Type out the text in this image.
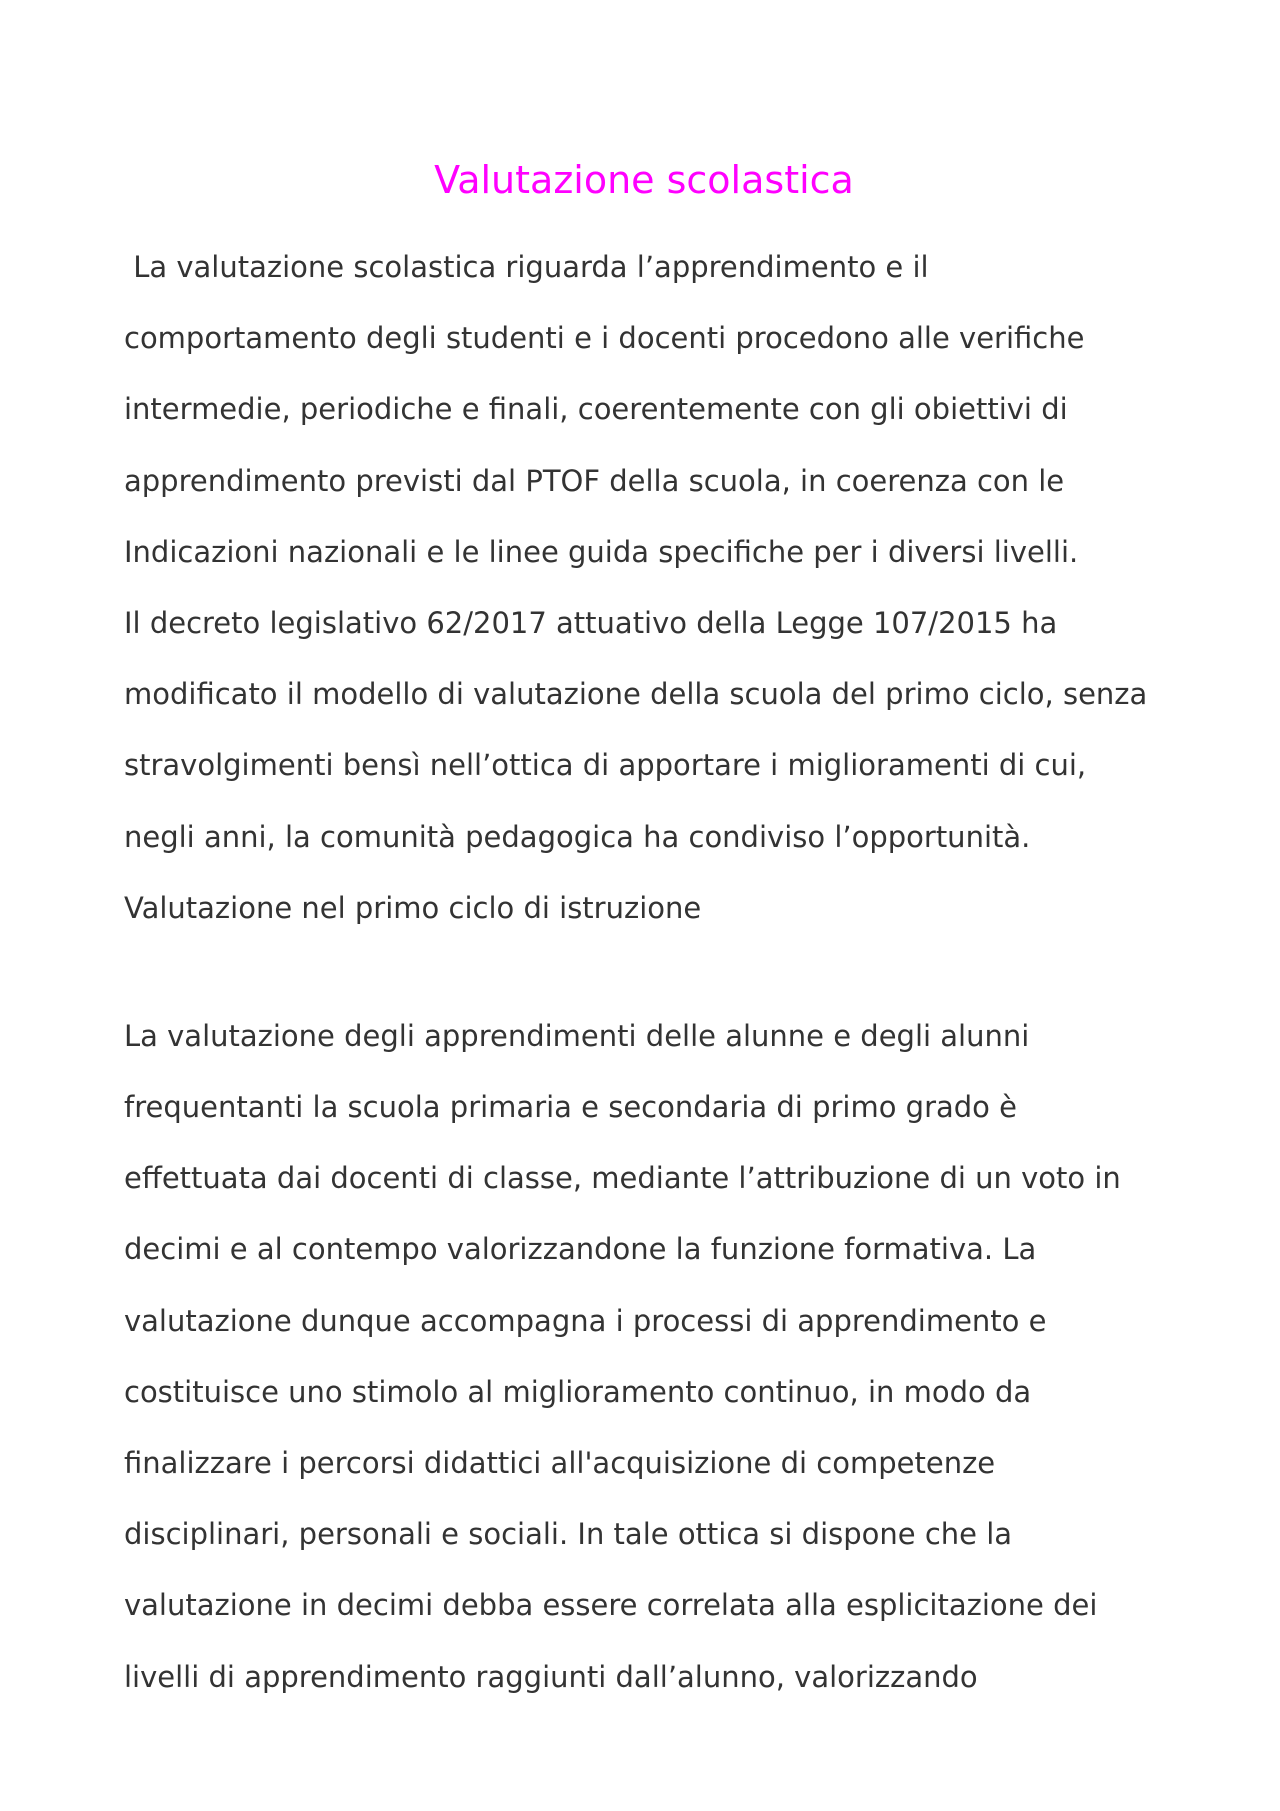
Valutazione scolastica
La valutazione scolastica riguarda l’apprendimento e il
comportamento degli studenti e i docenti procedono alle verifiche
intermedie, periodiche e finali, coerentemente con gli obiettivi di
apprendimento previsti dal PTOF della scuola, in coerenza con le
Indicazioni nazionali e le linee guida specifiche per i diversi livelli.
Il decreto legislativo 62/2017 attuativo della Legge 107/2015 ha
modificato il modello di valutazione della scuola del primo ciclo, senza
stravolgimenti bensì nell’ottica di apportare i miglioramenti di cui,
negli anni, la comunità pedagogica ha condiviso l’opportunità.
Valutazione nel primo ciclo di istruzione
La valutazione degli apprendimenti delle alunne e degli alunni
frequentanti la scuola primaria e secondaria di primo grado è
effettuata dai docenti di classe, mediante l’attribuzione di un voto in
decimi e al contempo valorizzandone la funzione formativa. La
valutazione dunque accompagna i processi di apprendimento e
costituisce uno stimolo al miglioramento continuo, in modo da
finalizzare i percorsi didattici all'acquisizione di competenze
disciplinari, personali e sociali. In tale ottica si dispone che la
valutazione in decimi debba essere correlata alla esplicitazione dei
livelli di apprendimento raggiunti dall’alunno, valorizzando
